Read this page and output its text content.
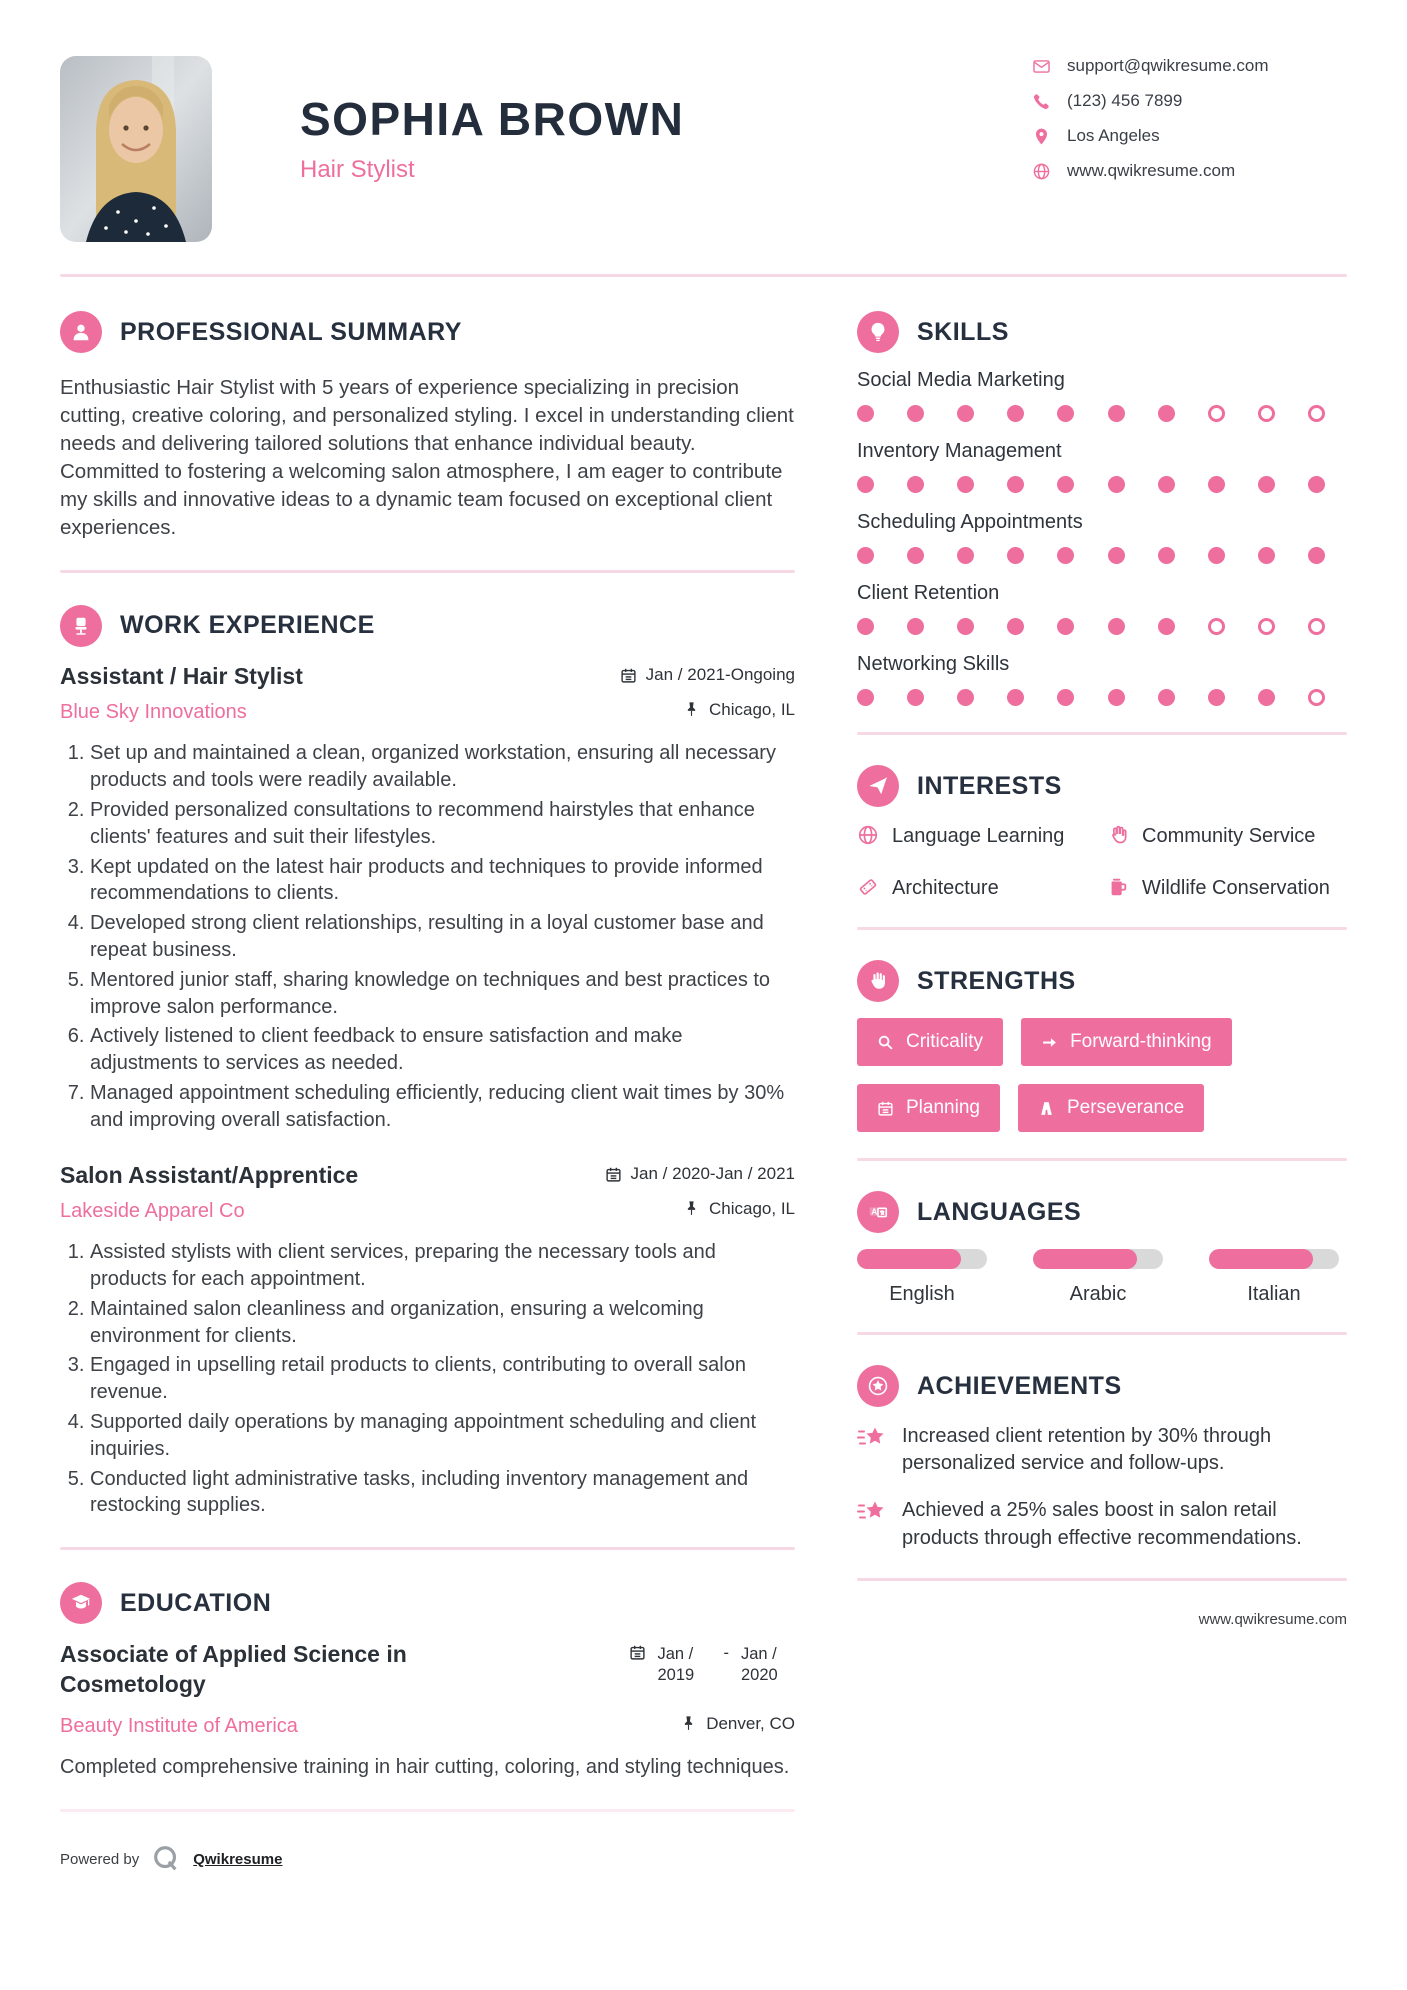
SOPHIA BROWN
Hair Stylist
support@qwikresume.com
(123) 456 7899
Los Angeles
www.qwikresume.com
PROFESSIONAL SUMMARY

Enthusiastic Hair Stylist with 5 years of experience specializing in precision cutting, creative coloring, and personalized styling. I excel in understanding client needs and delivering tailored solutions that enhance individual beauty. Committed to fostering a welcoming salon atmosphere, I am eager to contribute my skills and innovative ideas to a dynamic team focused on exceptional client experiences.

WORK EXPERIENCE
Assistant / Hair Stylist	Jan / 2021-Ongoing
Blue Sky Innovations	Chicago, IL
1. Set up and maintained a clean, organized workstation, ensuring all necessary products and tools were readily available.
2. Provided personalized consultations to recommend hairstyles that enhance clients' features and suit their lifestyles.
3. Kept updated on the latest hair products and techniques to provide informed recommendations to clients.
4. Developed strong client relationships, resulting in a loyal customer base and repeat business.
5. Mentored junior staff, sharing knowledge on techniques and best practices to improve salon performance.
6. Actively listened to client feedback to ensure satisfaction and make adjustments to services as needed.
7. Managed appointment scheduling efficiently, reducing client wait times by 30% and improving overall satisfaction.
Salon Assistant/Apprentice	Jan / 2020-Jan / 2021
Lakeside Apparel Co	Chicago, IL
1. Assisted stylists with client services, preparing the necessary tools and products for each appointment.
2. Maintained salon cleanliness and organization, ensuring a welcoming environment for clients.
3. Engaged in upselling retail products to clients, contributing to overall salon revenue.
4. Supported daily operations by managing appointment scheduling and client inquiries.
5. Conducted light administrative tasks, including inventory management and restocking supplies.
EDUCATION
Associate of Applied Science in Cosmetology
Jan / 2019
- Jan / 2020
Beauty Institute of America	Denver, CO

Completed comprehensive training in hair cutting, coloring, and styling techniques.

Powered by	Qwikresume
SKILLS
Social Media Marketing
Inventory Management
Scheduling Appointments
Client Retention
Networking Skills
INTERESTS
Language Learning	Community Service
Architecture	Wildlife Conservation
STRENGTHS
Criticality	Forward-thinking
Planning	Perseverance
A LANGUAGES
English	Arabic	Italian
ACHIEVEMENTS
Increased client retention by 30% through personalized service and follow-ups.
Achieved a 25% sales boost in salon retail products through effective recommendations.
www.qwikresume.com
